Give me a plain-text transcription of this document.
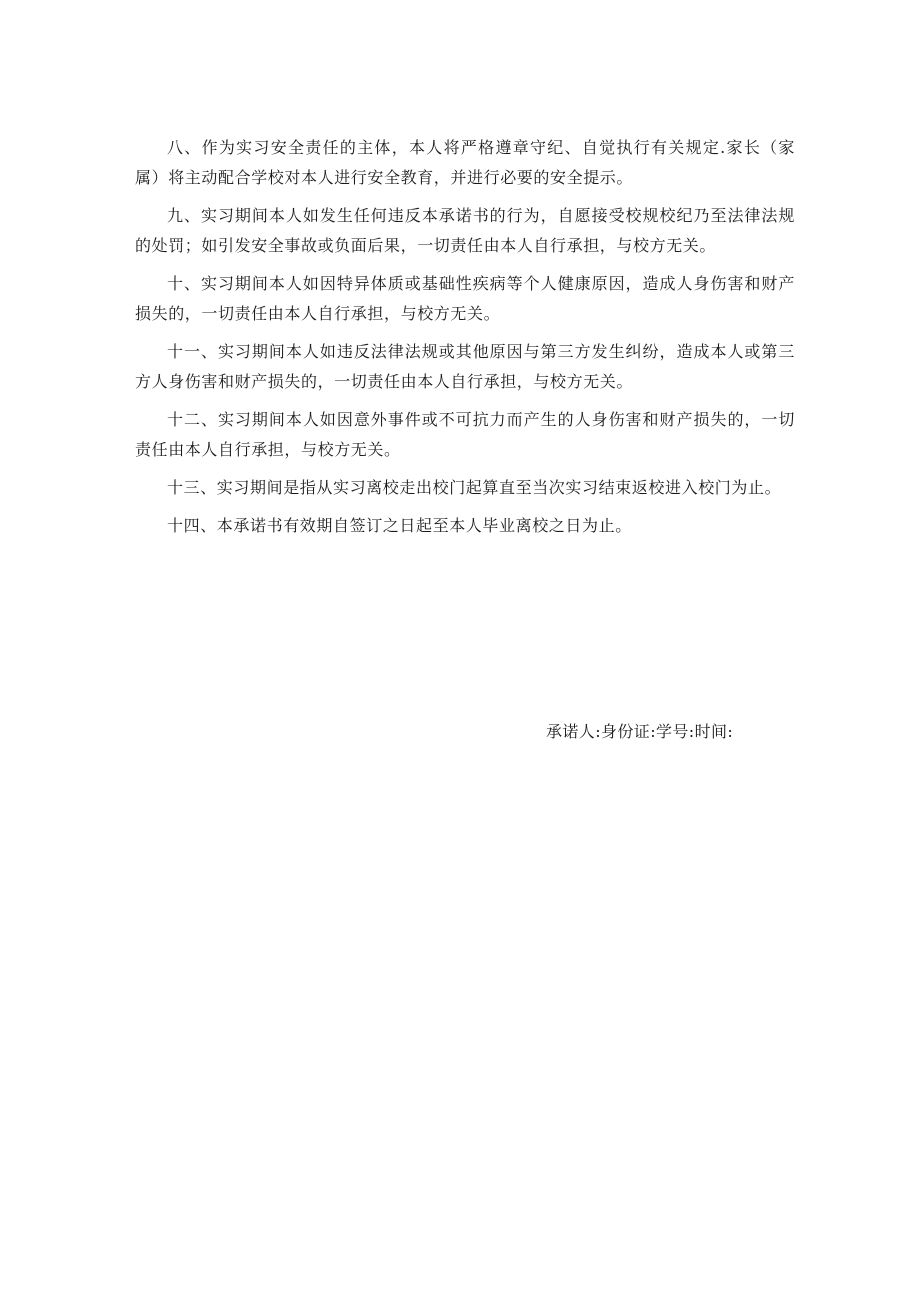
八、作为实习安全责任的主体，本人将严格遵章守纪、自觉执行有关规定.家长（家属）将主动配合学校对本人进行安全教育，并进行必要的安全提示。

九、实习期间本人如发生任何违反本承诺书的行为，自愿接受校规校纪乃至法律法规的处罚；如引发安全事故或负面后果，一切责任由本人自行承担，与校方无关。

十、实习期间本人如因特异体质或基础性疾病等个人健康原因，造成人身伤害和财产损失的，一切责任由本人自行承担，与校方无关。

十一、实习期间本人如违反法律法规或其他原因与第三方发生纠纷，造成本人或第三方人身伤害和财产损失的，一切责任由本人自行承担，与校方无关。

十二、实习期间本人如因意外事件或不可抗力而产生的人身伤害和财产损失的，一切责任由本人自行承担，与校方无关。

十三、实习期间是指从实习离校走出校门起算直至当次实习结束返校进入校门为止。

十四、本承诺书有效期自签订之日起至本人毕业离校之日为止。

承诺人:身份证:学号:时间:
